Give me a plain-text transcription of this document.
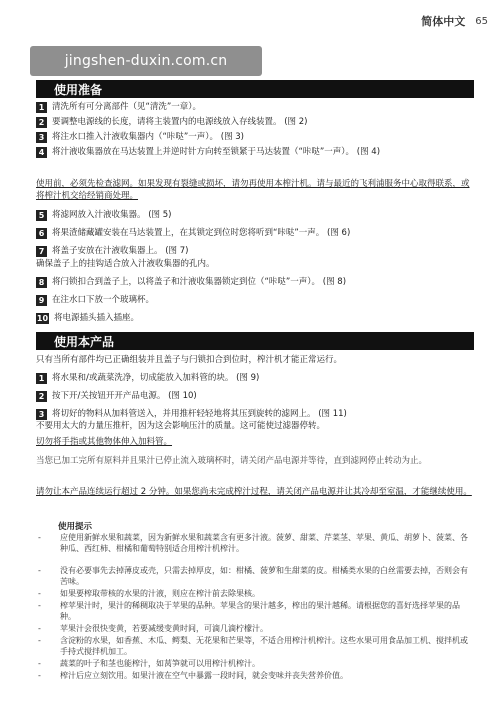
简体中文 65
jingshen-duxin.com.cn
使用准备
1 清洗所有可分离部件（见“清洗”一章）。
2 要调整电源线的长度，请将主装置内的电源线放入存线装置。 (图 2)
3 将注水口推入汁液收集器内（“咔哒”一声）。 (图 3)
4 将汁液收集器放在马达装置上并逆时针方向转至锁紧于马达装置（“咔哒”一声）。 (图 4)
使用前，必须先检查滤网。如果发现有裂缝或损坏，请勿再使用本榨汁机。请与最近的飞利浦服务中心取得联系，或将榨汁机交给经销商处理。
5 将滤网放入汁液收集器。 (图 5)
6 将果渣储藏罐安装在马达装置上，在其锁定到位时您将听到“咔哒”一声。 (图 6)
7 将盖子安放在汁液收集器上。 (图 7)
确保盖子上的挂钩适合放入汁液收集器的孔内。
8 将闩锁扣合到盖子上，以将盖子和汁液收集器锁定到位（“咔哒”一声）。 (图 8)
9 在注水口下放一个玻璃杯。
10 将电源插头插入插座。
使用本产品
只有当所有部件均已正确组装并且盖子与闩锁扣合到位时，榨汁机才能正常运行。
1 将水果和/或蔬菜洗净，切成能放入加料管的块。 (图 9)
2 按下开/关按钮开开产品电源。 (图 10)
3 将切好的物料从加料管送入，并用推杆轻轻地将其压到旋转的滤网上。 (图 11)
不要用太大的力量压推杆，因为这会影响压汁的质量。这可能使过滤器停转。
切勿将手指或其他物体伸入加料管。
当您已加工完所有原料并且果汁已停止流入玻璃杯时，请关闭产品电源并等待，直到滤网停止转动为止。
请勿让本产品连续运行超过 2 分钟。如果您尚未完成榨汁过程，请关闭产品电源并让其冷却至室温，才能继续使用。
使用提示
-	应使用新鲜水果和蔬菜，因为新鲜水果和蔬菜含有更多汁液。菠萝、甜菜、芹菜茎、苹果、黄瓜、胡萝卜、菠菜、各种瓜、西红柿、柑橘和葡萄特别适合用榨汁机榨汁。
-	没有必要事先去掉薄皮或壳，只需去掉厚皮，如：柑橘、菠萝和生甜菜的皮。柑橘类水果的白丝需要去掉，否则会有苦味。
-	如果要榨取带核的水果的汁液，则应在榨汁前去除果核。
-	榨苹果汁时，果汁的稀稠取决于苹果的品种。苹果含的果汁越多，榨出的果汁越稀。请根据您的喜好选择苹果的品种。
-	苹果汁会很快变黄，若要减缓变黄时间，可滴几滴柠檬汁。
-	含淀粉的水果，如香蕉、木瓜、鳄梨、无花果和芒果等，不适合用榨汁机榨汁。这些水果可用食品加工机、搅拌机或手持式搅拌机加工。
-	蔬菜的叶子和茎也能榨汁，如莴笋就可以用榨汁机榨汁。
-	榨汁后应立刻饮用。如果汁液在空气中暴露一段时间，就会变味并丧失营养价值。
